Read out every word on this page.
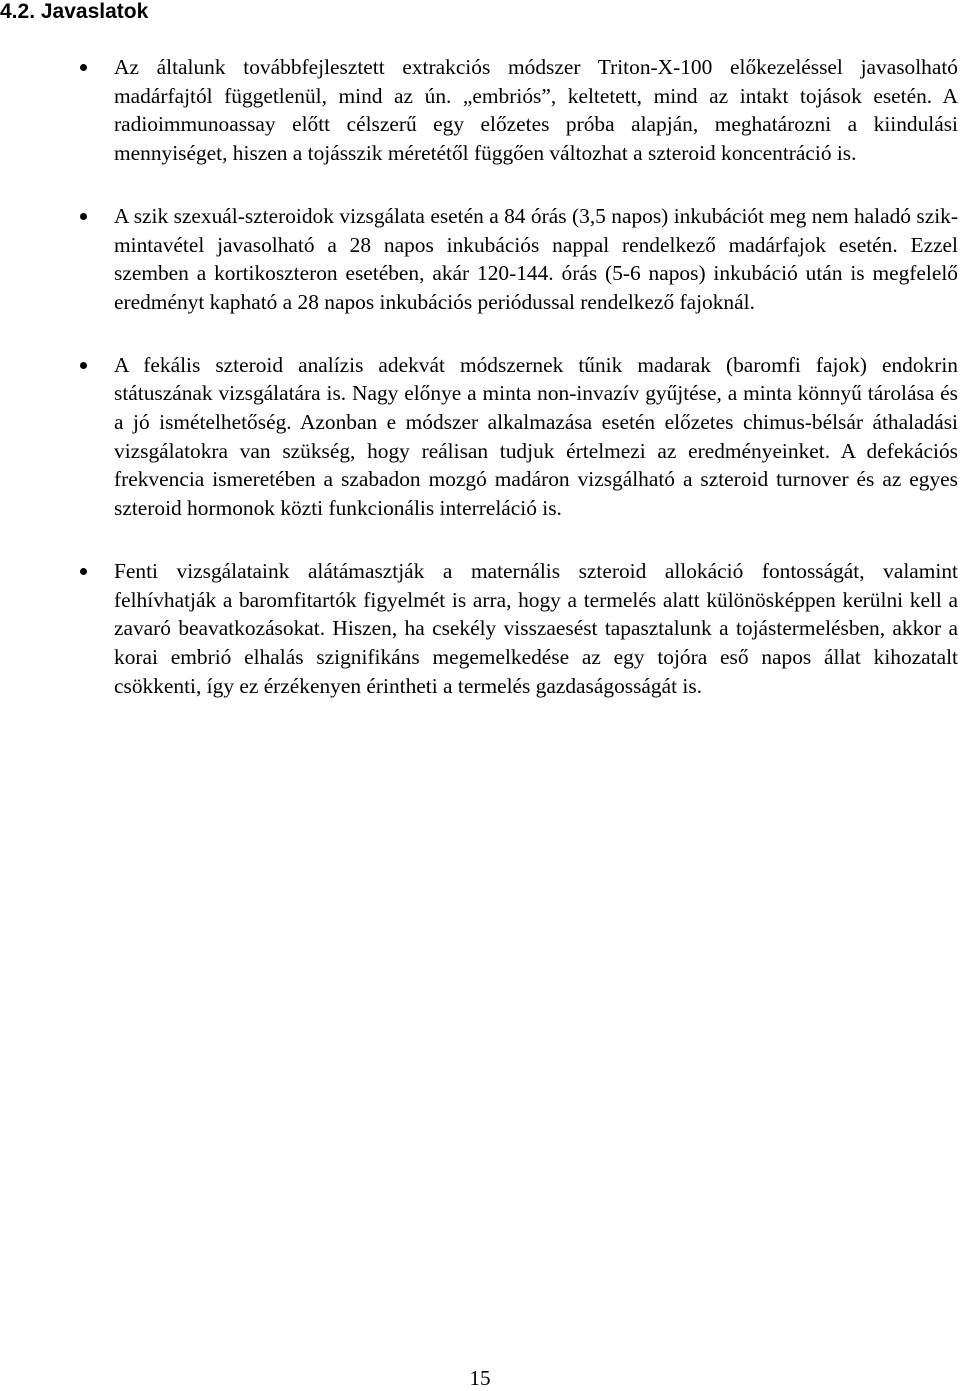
4.2. Javaslatok
Az általunk továbbfejlesztett extrakciós módszer Triton-X-100 előkezeléssel javasolható madárfajtól függetlenül, mind az ún. „embriós”, keltetett, mind az intakt tojások esetén. A radioimmunoassay előtt célszerű egy előzetes próba alapján, meghatározni a kiindulási mennyiséget, hiszen a tojásszik méretétől függően változhat a szteroid koncentráció is.
A szik szexuál-szteroidok vizsgálata esetén a 84 órás (3,5 napos) inkubációt meg nem haladó szik-mintavétel javasolható a 28 napos inkubációs nappal rendelkező madárfajok esetén. Ezzel szemben a kortikoszteron esetében, akár 120-144. órás (5-6 napos) inkubáció után is megfelelő eredményt kapható a 28 napos inkubációs periódussal rendelkező fajoknál.
A fekális szteroid analízis adekvát módszernek tűnik madarak (baromfi fajok) endokrin státuszának vizsgálatára is. Nagy előnye a minta non-invazív gyűjtése, a minta könnyű tárolása és a jó ismételhetőség. Azonban e módszer alkalmazása esetén előzetes chimus-bélsár áthaladási vizsgálatokra van szükség, hogy reálisan tudjuk értelmezi az eredményeinket. A defekációs frekvencia ismeretében a szabadon mozgó madáron vizsgálható a szteroid turnover és az egyes szteroid hormonok közti funkcionális interreláció is.
Fenti vizsgálataink alátámasztják a maternális szteroid allokáció fontosságát, valamint felhívhatják a baromfitartók figyelmét is arra, hogy a termelés alatt különösképpen kerülni kell a zavaró beavatkozásokat. Hiszen, ha csekély visszaesést tapasztalunk a tojástermelésben, akkor a korai embrió elhalás szignifikáns megemelkedése az egy tojóra eső napos állat kihozatalt csökkenti, így ez érzékenyen érintheti a termelés gazdaságosságát is.
15
